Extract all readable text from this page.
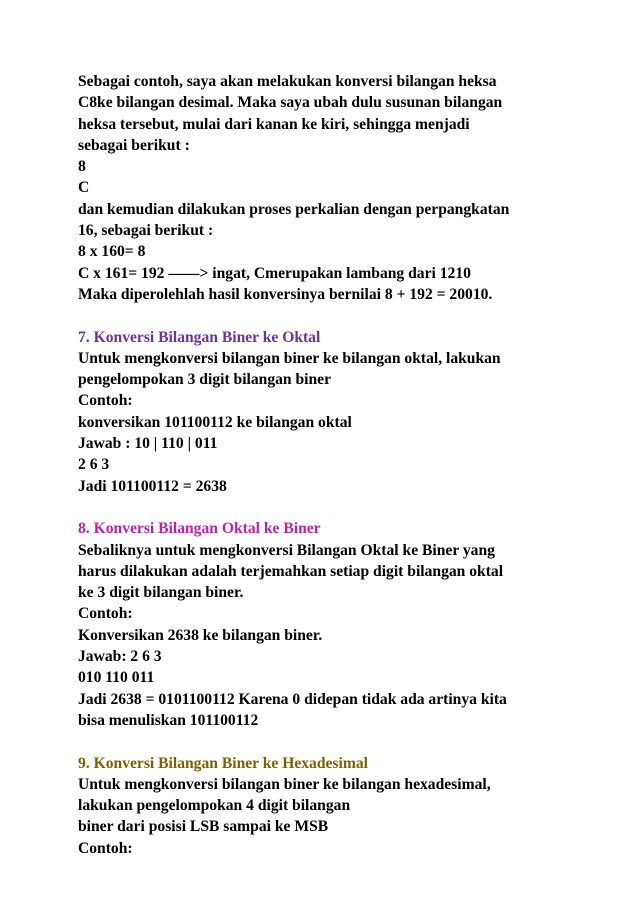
Sebagai contoh, saya akan melakukan konversi bilangan heksa
C8ke bilangan desimal. Maka saya ubah dulu susunan bilangan
heksa tersebut, mulai dari kanan ke kiri, sehingga menjadi
sebagai berikut :
8
C
dan kemudian dilakukan proses perkalian dengan perpangkatan
16, sebagai berikut :
8 x 160= 8
C x 161= 192 ——> ingat, Cmerupakan lambang dari 1210
Maka diperolehlah hasil konversinya bernilai 8 + 192 = 20010.
7. Konversi Bilangan Biner ke Oktal
Untuk mengkonversi bilangan biner ke bilangan oktal, lakukan
pengelompokan 3 digit bilangan biner
Contoh:
konversikan 101100112 ke bilangan oktal
Jawab : 10 | 110 | 011
2 6 3
Jadi 101100112 = 2638
8. Konversi Bilangan Oktal ke Biner
Sebaliknya untuk mengkonversi Bilangan Oktal ke Biner yang
harus dilakukan adalah terjemahkan setiap digit bilangan oktal
ke 3 digit bilangan biner.
Contoh:
Konversikan 2638 ke bilangan biner.
Jawab: 2 6 3
010 110 011
Jadi 2638 = 0101100112 Karena 0 didepan tidak ada artinya kita
bisa menuliskan 101100112
9. Konversi Bilangan Biner ke Hexadesimal
Untuk mengkonversi bilangan biner ke bilangan hexadesimal,
lakukan pengelompokan 4 digit bilangan
biner dari posisi LSB sampai ke MSB
Contoh:
